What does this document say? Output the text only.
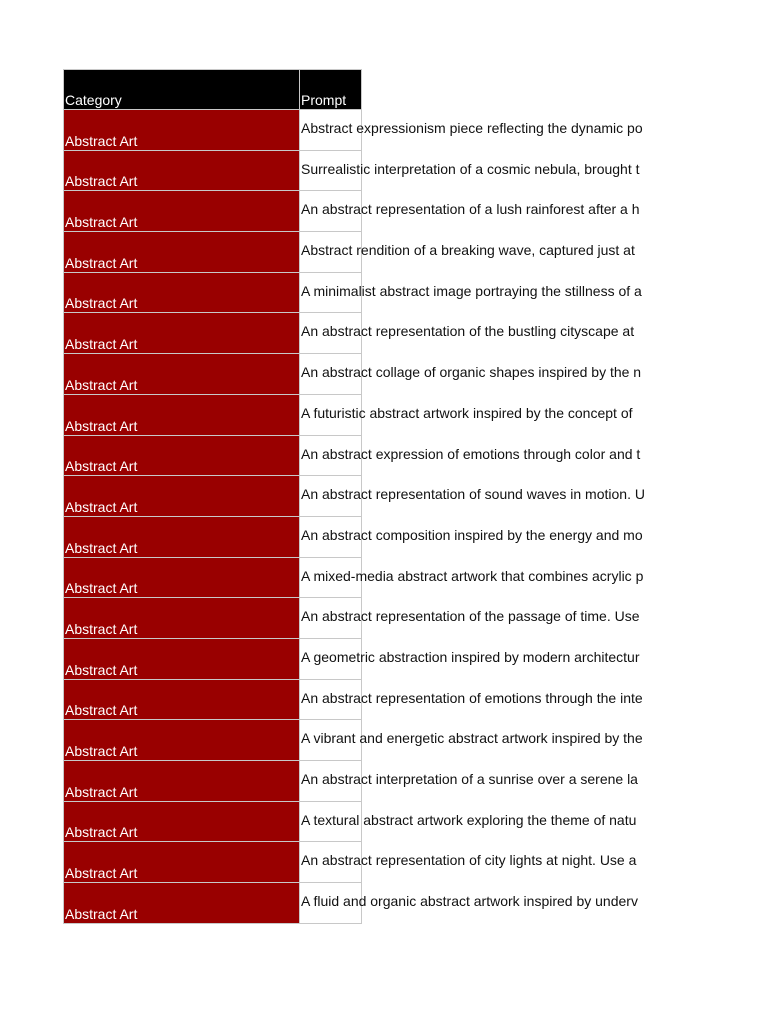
Category	Prompt
Abstract Art
Abstract expressionism piece reflecting the dynamic po
Abstract Art
Surrealistic interpretation of a cosmic nebula, brought t
Abstract Art
An abstract representation of a lush rainforest after a h
Abstract Art
Abstract rendition of a breaking wave, captured just at
Abstract Art
A minimalist abstract image portraying the stillness of a
Abstract Art
An abstract representation of the bustling cityscape at
Abstract Art
An abstract collage of organic shapes inspired by the n
Abstract Art
A futuristic abstract artwork inspired by the concept of
Abstract Art
An abstract expression of emotions through color and t
Abstract Art
An abstract representation of sound waves in motion. U
Abstract Art
An abstract composition inspired by the energy and mo
Abstract Art
A mixed-media abstract artwork that combines acrylic p
Abstract Art
An abstract representation of the passage of time. Use
Abstract Art
A geometric abstraction inspired by modern architectur
Abstract Art
An abstract representation of emotions through the inte
Abstract Art
A vibrant and energetic abstract artwork inspired by the
Abstract Art
An abstract interpretation of a sunrise over a serene la
Abstract Art
A textural abstract artwork exploring the theme of natu
Abstract Art
An abstract representation of city lights at night. Use a
Abstract Art
A fluid and organic abstract artwork inspired by underv
